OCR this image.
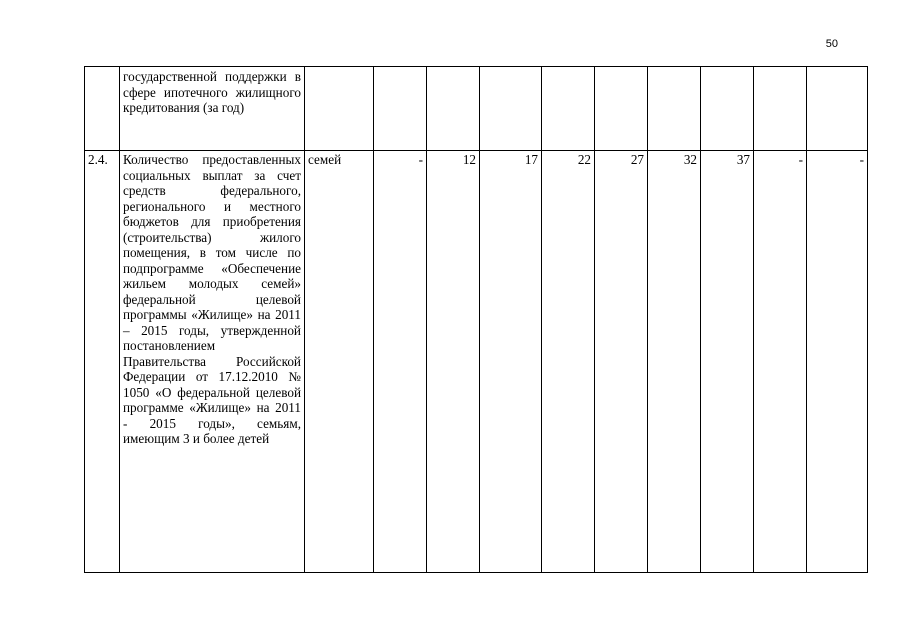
50
	государственной поддержки в сфере ипотечного жилищного кредитования (за год)										
2.4.	Количество предоставленных социальных выплат за счет средств федерального, регионального и местного бюджетов для приобретения (строительства) жилого помещения, в том числе по подпрограмме «Обеспечение жильем молодых семей» федеральной целевой программы «Жилище» на 2011 – 2015 годы, утвержденной постановлением Правительства Российской Федерации от 17.12.2010 № 1050 «О федеральной целевой программе «Жилище» на 2011 - 2015 годы», семьям, имеющим 3 и более детей	семей	-	12	17	22	27	32	37	-	-
